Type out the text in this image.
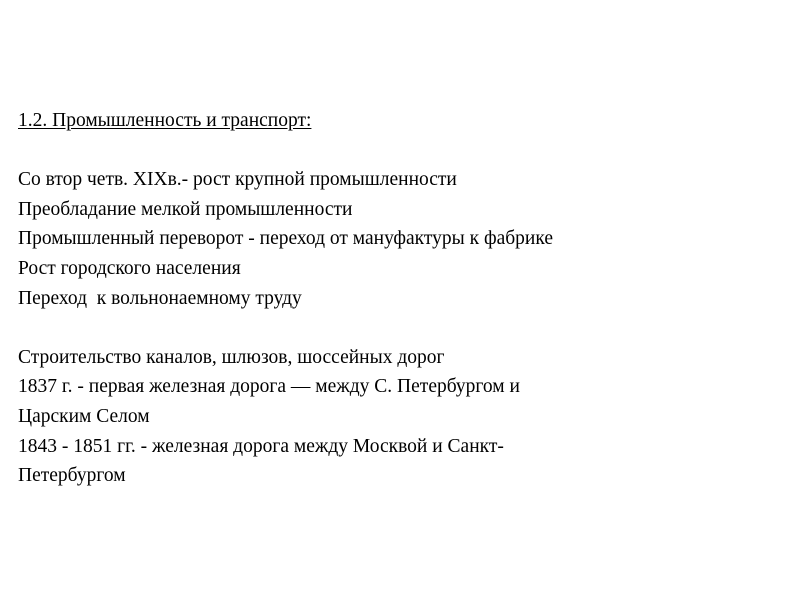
1.2. Промышленность и транспорт:
Со втор четв. XIXв.- рост крупной промышленности
Преобладание мелкой промышленности
Промышленный переворот - переход от мануфактуры к фабрике
Рост городского населения
Переход  к вольнонаемному труду
Строительство каналов, шлюзов, шоссейных дорог
1837 г. - первая железная дорога — между С. Петербургом и
Царским Селом
1843 - 1851 гг. - железная дорога между Москвой и Санкт-
Петербургом
